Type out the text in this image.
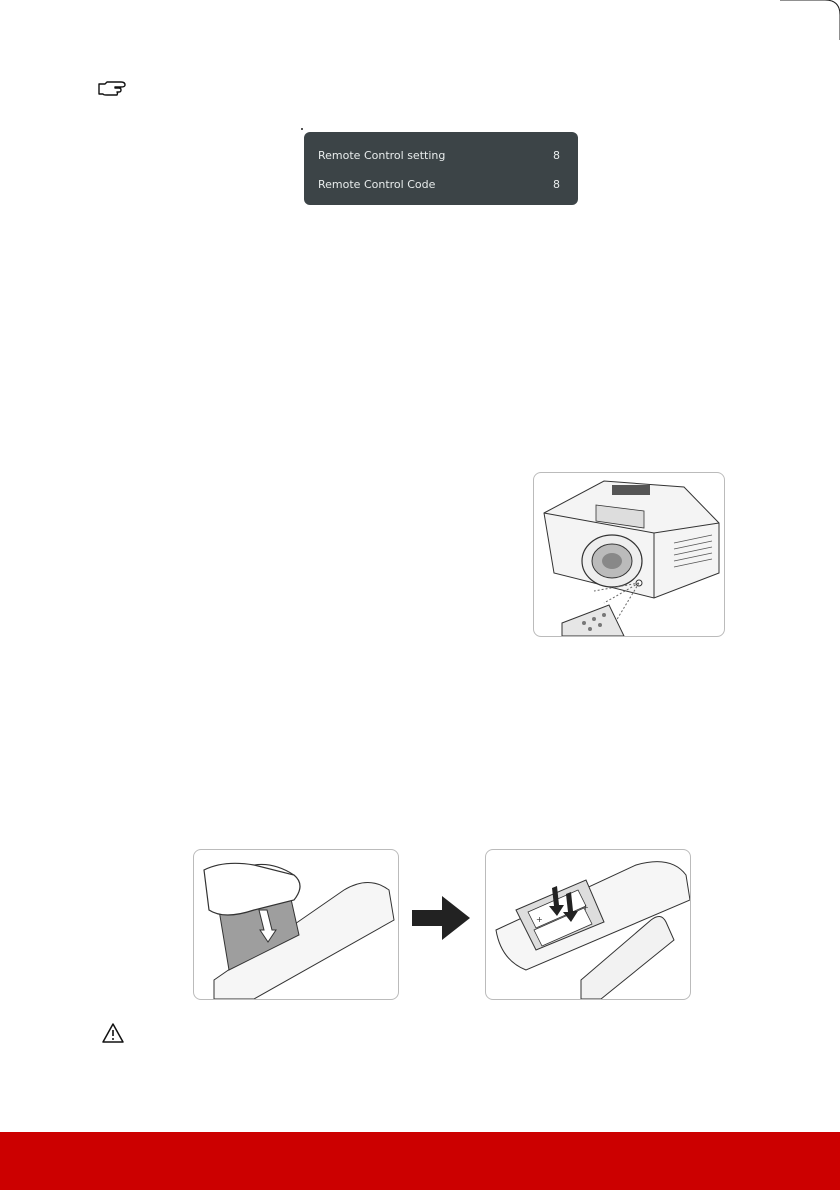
Remote Control setting	8
Remote Control Code	8
+
+
